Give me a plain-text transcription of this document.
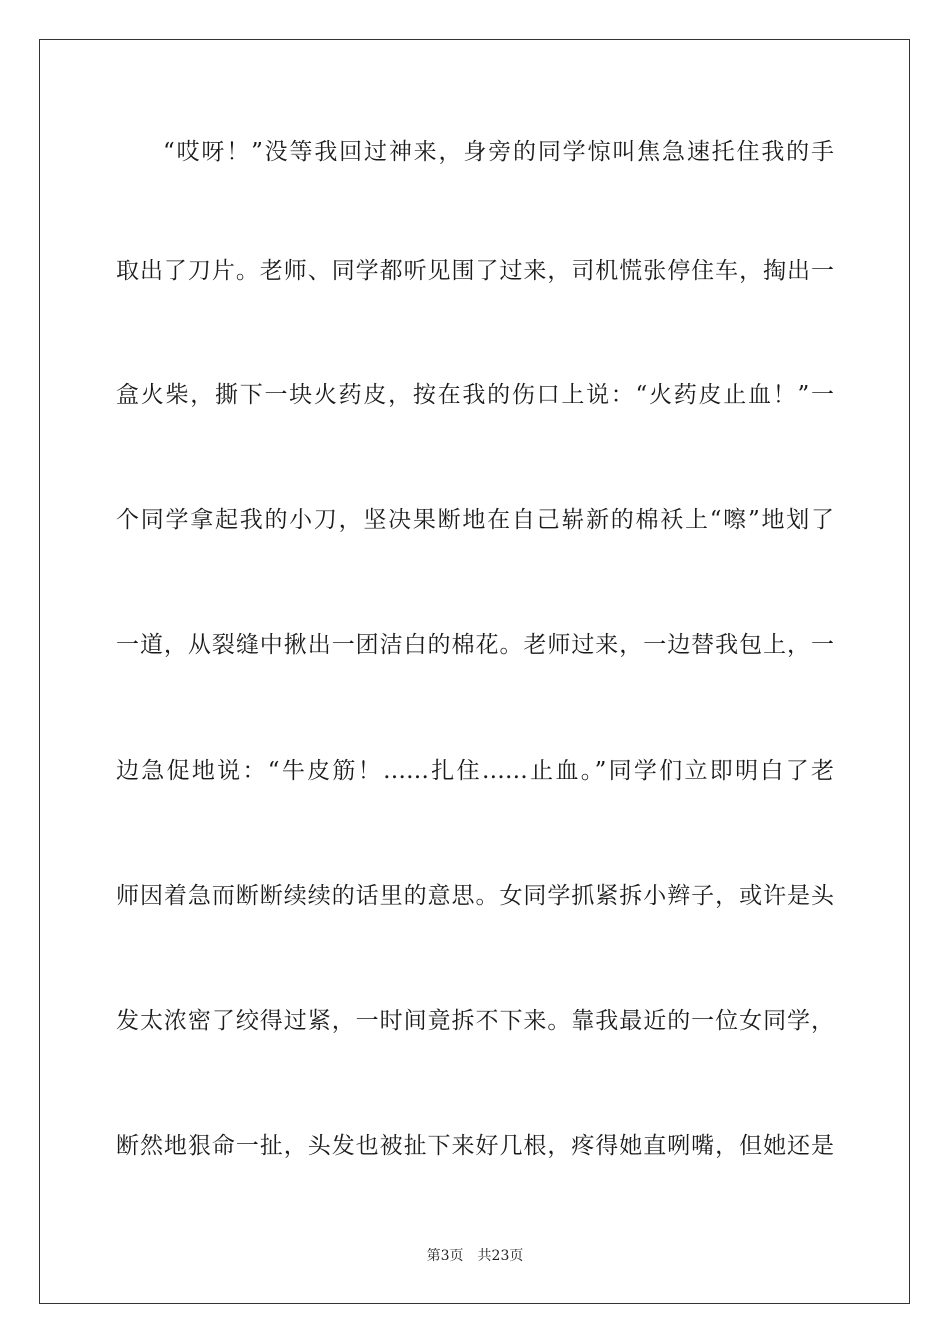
“哎呀！”没等我回过神来，身旁的同学惊叫焦急速托住我的手
取出了刀片。老师、同学都听见围了过来，司机慌张停住车，掏出一
盒火柴，撕下一块火药皮，按在我的伤口上说：“火药皮止血！”一
个同学拿起我的小刀，坚决果断地在自己崭新的棉袄上“嚓”地划了
一道，从裂缝中揪出一团洁白的棉花。老师过来，一边替我包上，一
边急促地说：“牛皮筋！……扎住……止血。”同学们立即明白了老
师因着急而断断续续的话里的意思。女同学抓紧拆小辫子，或许是头
发太浓密了绞得过紧，一时间竟拆不下来。靠我最近的一位女同学，
断然地狠命一扯，头发也被扯下来好几根，疼得她直咧嘴，但她还是
第3页 共23页
